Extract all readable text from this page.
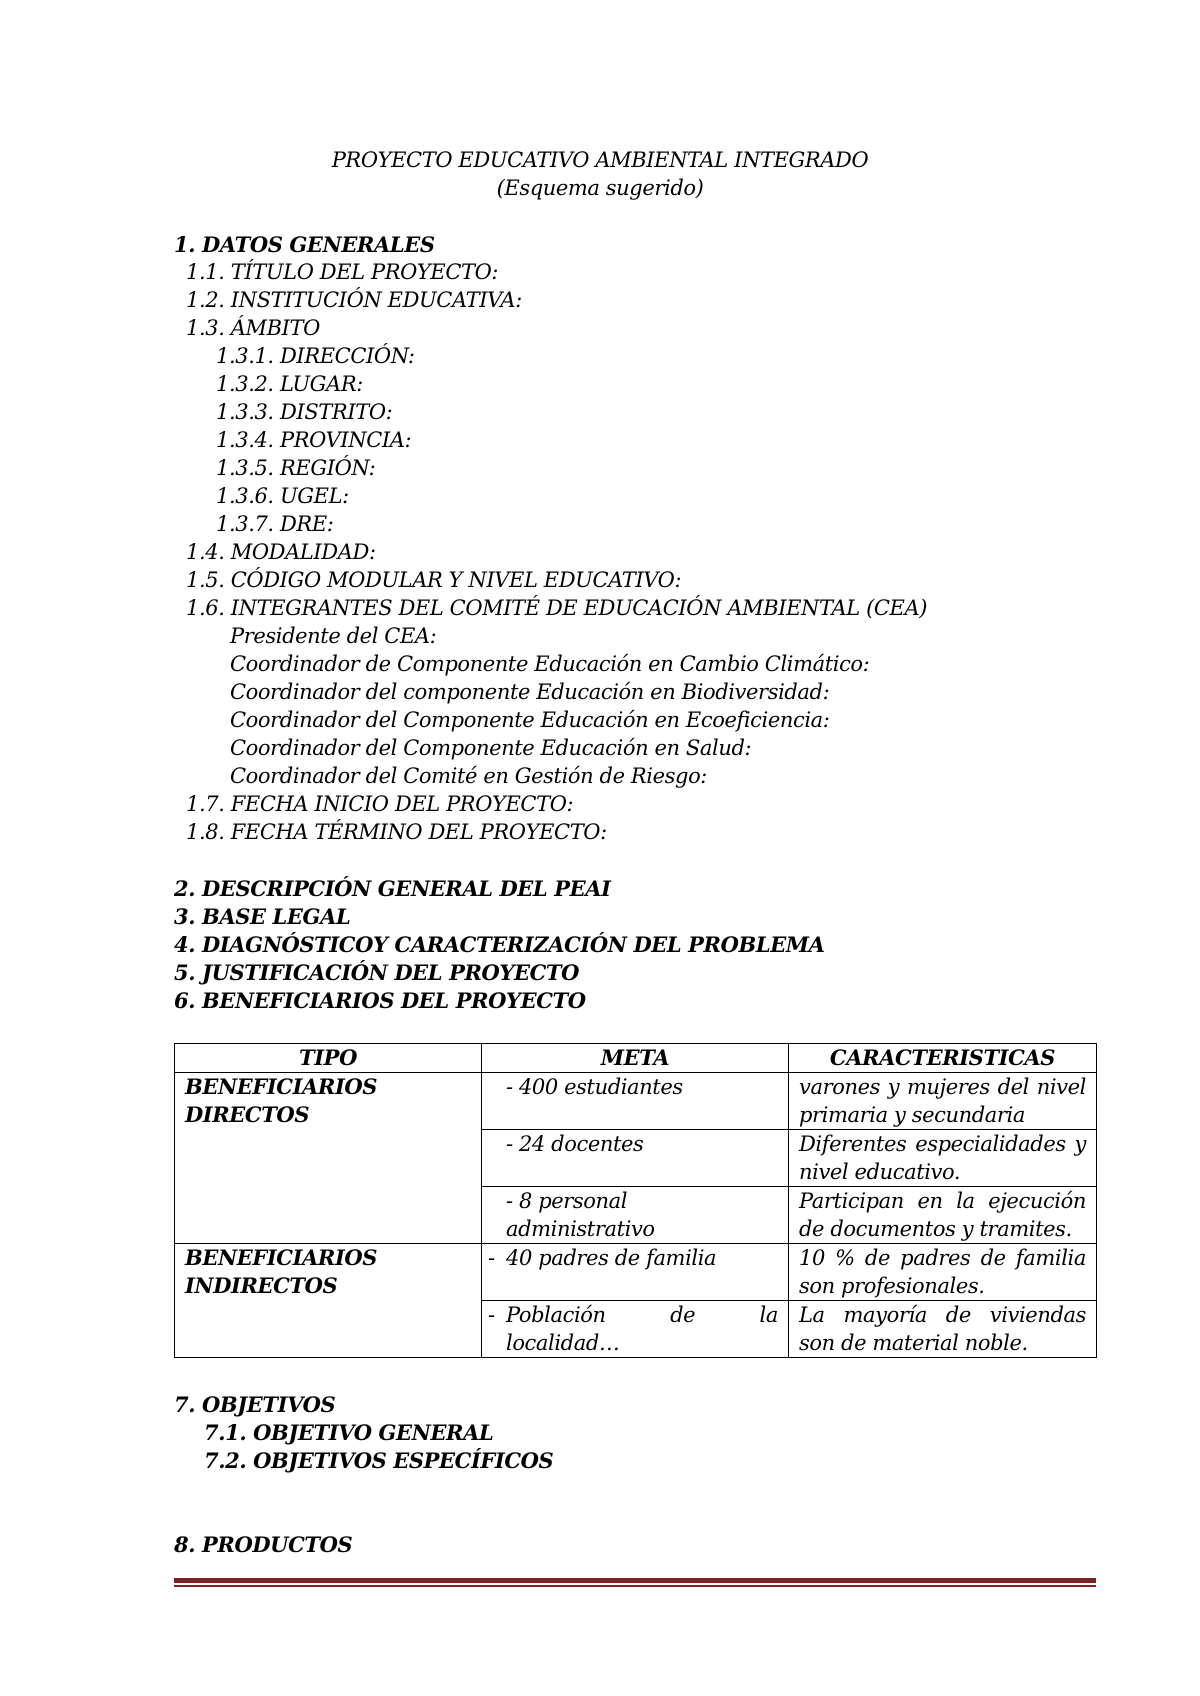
PROYECTO EDUCATIVO AMBIENTAL INTEGRADO
(Esquema sugerido)
1. DATOS GENERALES
1.1. TÍTULO DEL PROYECTO:
1.2. INSTITUCIÓN EDUCATIVA:
1.3. ÁMBITO
1.3.1. DIRECCIÓN:
1.3.2. LUGAR:
1.3.3. DISTRITO:
1.3.4. PROVINCIA:
1.3.5. REGIÓN:
1.3.6. UGEL:
1.3.7. DRE:
1.4. MODALIDAD:
1.5. CÓDIGO MODULAR Y NIVEL EDUCATIVO:
1.6. INTEGRANTES DEL COMITÉ DE EDUCACIÓN AMBIENTAL (CEA)
Presidente del CEA:
Coordinador de Componente Educación en Cambio Climático:
Coordinador del componente Educación en Biodiversidad:
Coordinador del Componente Educación en Ecoeficiencia:
Coordinador del Componente Educación en Salud:
Coordinador del Comité en Gestión de Riesgo:
1.7. FECHA INICIO DEL PROYECTO:
1.8. FECHA TÉRMINO DEL PROYECTO:
2. DESCRIPCIÓN GENERAL DEL PEAI
3. BASE LEGAL
4. DIAGNÓSTICOY CARACTERIZACIÓN DEL PROBLEMA
5. JUSTIFICACIÓN DEL PROYECTO
6. BENEFICIARIOS DEL PROYECTO
TIPO	META	CARACTERISTICAS
BENEFICIARIOS DIRECTOS	- 400 estudiantes	varones y mujeres del nivel primaria y secundaria
	- 24 docentes	Diferentes especialidades y nivel educativo.
	- 8 personal administrativo	Participan en la ejecución de documentos y tramites.
BENEFICIARIOS INDIRECTOS	- 40 padres de familia	10 % de padres de familia son profesionales.

	- Población de la localidad…	La mayoría de viviendas son de material noble.
7. OBJETIVOS
7.1. OBJETIVO GENERAL
7.2. OBJETIVOS ESPECÍFICOS
8. PRODUCTOS
